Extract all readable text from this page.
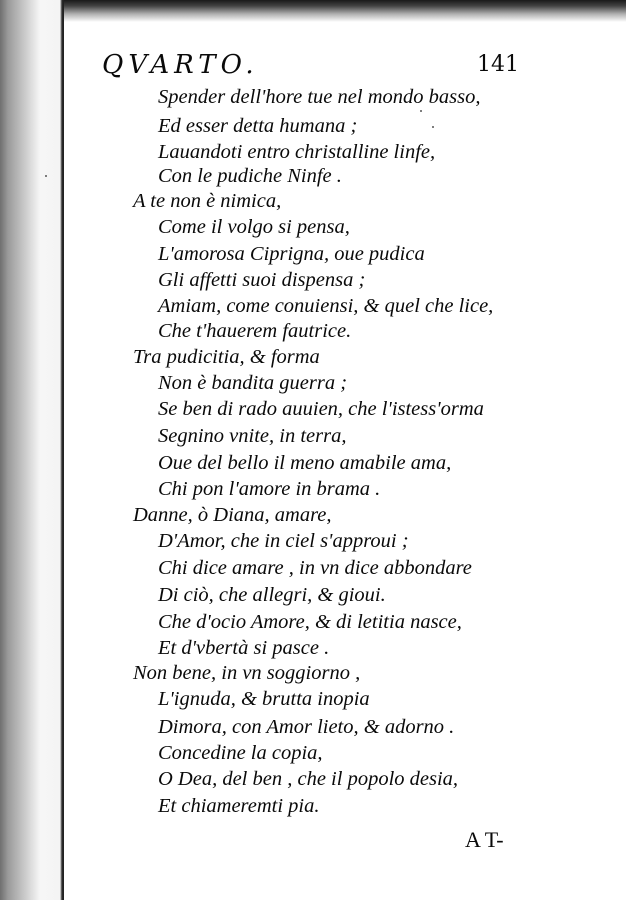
QVARTO.	141
Spender dell'hore tue nel mondo basso,
Ed esser detta humana ;
Lauandoti entro christalline linfe,
Con le pudiche Ninfe .
A te non è nimica,
Come il volgo si pensa,
L'amorosa Ciprigna, oue pudica
Gli affetti suoi dispensa ;
Amiam, come conuiensi, & quel che lice,
Che t'hauerem fautrice.
Tra pudicitia, & forma
Non è bandita guerra ;
Se ben di rado auuien, che l'istess'orma
Segnino vnite, in terra,
Oue del bello il meno amabile ama,
Chi pon l'amore in brama .
Danne, ò Diana, amare,
D'Amor, che in ciel s'approui ;
Chi dice amare , in vn dice abbondare
Di ciò, che allegri, & gioui.
Che d'ocio Amore, & di letitia nasce,
Et d'vbertà si pasce .
Non bene, in vn soggiorno ,
L'ignuda, & brutta inopia
Dimora, con Amor lieto, & adorno .
Concedine la copia,
O Dea, del ben , che il popolo desia,
Et chiameremti pia.
A T-
